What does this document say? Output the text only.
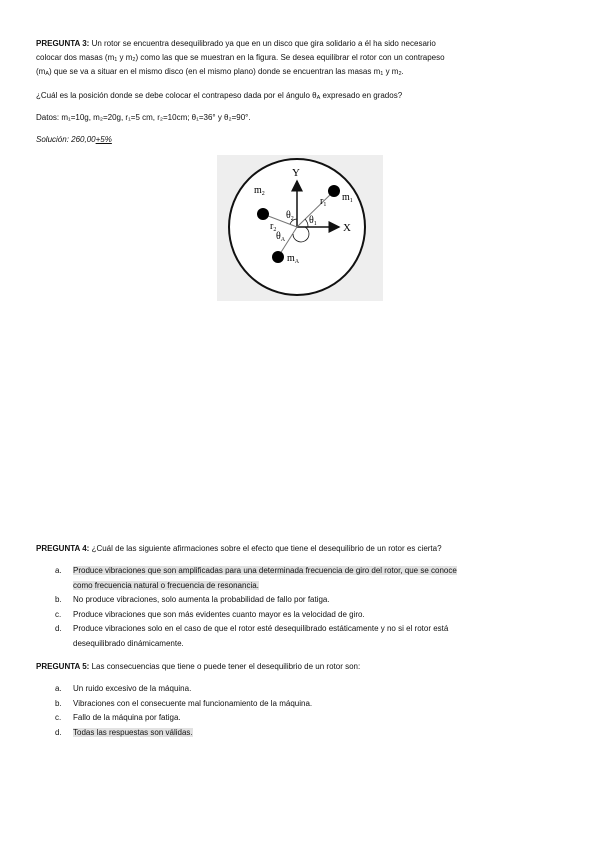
PREGUNTA 3: Un rotor se encuentra desequilibrado ya que en un disco que gira solidario a él ha sido necesario

colocar dos masas ($m_1$ y $m_2$) como las que se muestran en la figura. Se desea equilibrar el rotor con un contrapeso

$(m_A)$ que se va a situar en el mismo disco (en el mismo plano) donde se encuentran las masas $m_1$ y $m_2$.

¿Cuál es la posición donde se debe colocar el contrapeso dada por el ángulo $\theta_A$ expresado en grados?

Datos: m₁=10g, m₂=20g, r₁=5 cm, r₂=10cm; θ₁=36° y θ₂=90°.

Solución: 260,00+5%

Y
X
$m_1$
$m_2$
$m_A$
$r_1$
$r_2$
$\theta_1$
$\theta_2$
$\theta_A$

PREGUNTA 4: ¿Cuál de las siguiente afirmaciones sobre el efecto que tiene el desequilibrio de un rotor es cierta?

a. Produce vibraciones que son amplificadas para una determinada frecuencia de giro del rotor, que se conoce
como frecuencia natural o frecuencia de resonancia.
b. No produce vibraciones, solo aumenta la probabilidad de fallo por fatiga.
c. Produce vibraciones que son más evidentes cuanto mayor es la velocidad de giro.
d. Produce vibraciones solo en el caso de que el rotor esté desequilibrado estáticamente y no si el rotor está
desequilibrado dinámicamente.

PREGUNTA 5: Las consecuencias que tiene o puede tener el desequilibrio de un rotor son:

a. Un ruido excesivo de la máquina.
b. Vibraciones con el consecuente mal funcionamiento de la máquina.
c. Fallo de la máquina por fatiga.
d. Todas las respuestas son válidas.
